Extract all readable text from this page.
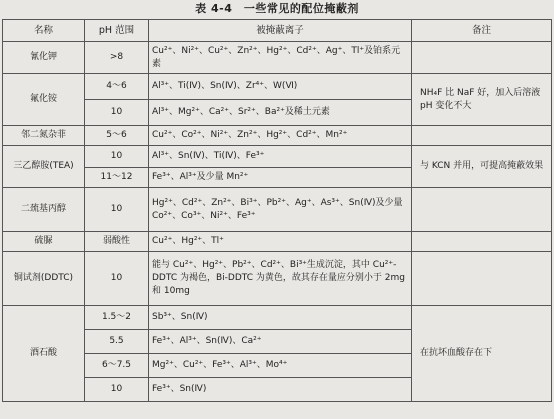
表 4-4　一些常见的配位掩蔽剂
名称	pH 范围	被掩蔽离子	备注
氰化钾	>8	Cu²⁺、Ni²⁺、Cu²⁺、Zn²⁺、Hg²⁺、Cd²⁺、Ag⁺、Tl⁺及铂系元素	
氟化铵	4～6	Al³⁺、Ti(Ⅳ)、Sn(Ⅳ)、Zr⁴⁺、W(Ⅵ)	NH₄F 比 NaF 好，加入后溶液 pH 变化不大
	10	Al³⁺、Mg²⁺、Ca²⁺、Sr²⁺、Ba²⁺及稀土元素	
邻二氮杂菲	5～6	Cu²⁺、Co²⁺、Ni²⁺、Zn²⁺、Hg²⁺、Cd²⁺、Mn²⁺	
三乙醇胺(TEA)	10	Al³⁺、Sn(Ⅳ)、Ti(Ⅳ)、Fe³⁺	与 KCN 并用，可提高掩蔽效果
	11～12	Fe³⁺、Al³⁺及少量 Mn²⁺	
二巯基丙醇	10	Hg²⁺、Cd²⁺、Zn²⁺、Bi³⁺、Pb²⁺、Ag⁺、As³⁺、Sn(Ⅳ)及少量 Co²⁺、Co³⁺、Ni²⁺、Fe³⁺	
硫脲	弱酸性	Cu²⁺、Hg²⁺、Tl⁺	
铜试剂(DDTC)	10	能与 Cu²⁺、Hg²⁺、Pb²⁺、Cd²⁺、Bi³⁺生成沉淀，其中 Cu²⁺-DDTC 为褐色，Bi-DDTC 为黄色，故其存在量应分别小于 2mg 和 10mg	
酒石酸	1.5～2	Sb³⁺、Sn(Ⅳ)	在抗坏血酸存在下
	5.5	Fe³⁺、Al³⁺、Sn(Ⅳ)、Ca²⁺	
	6～7.5	Mg²⁺、Cu²⁺、Fe³⁺、Al³⁺、Mo⁴⁺	
	10	Fe³⁺、Sn(Ⅳ)	
